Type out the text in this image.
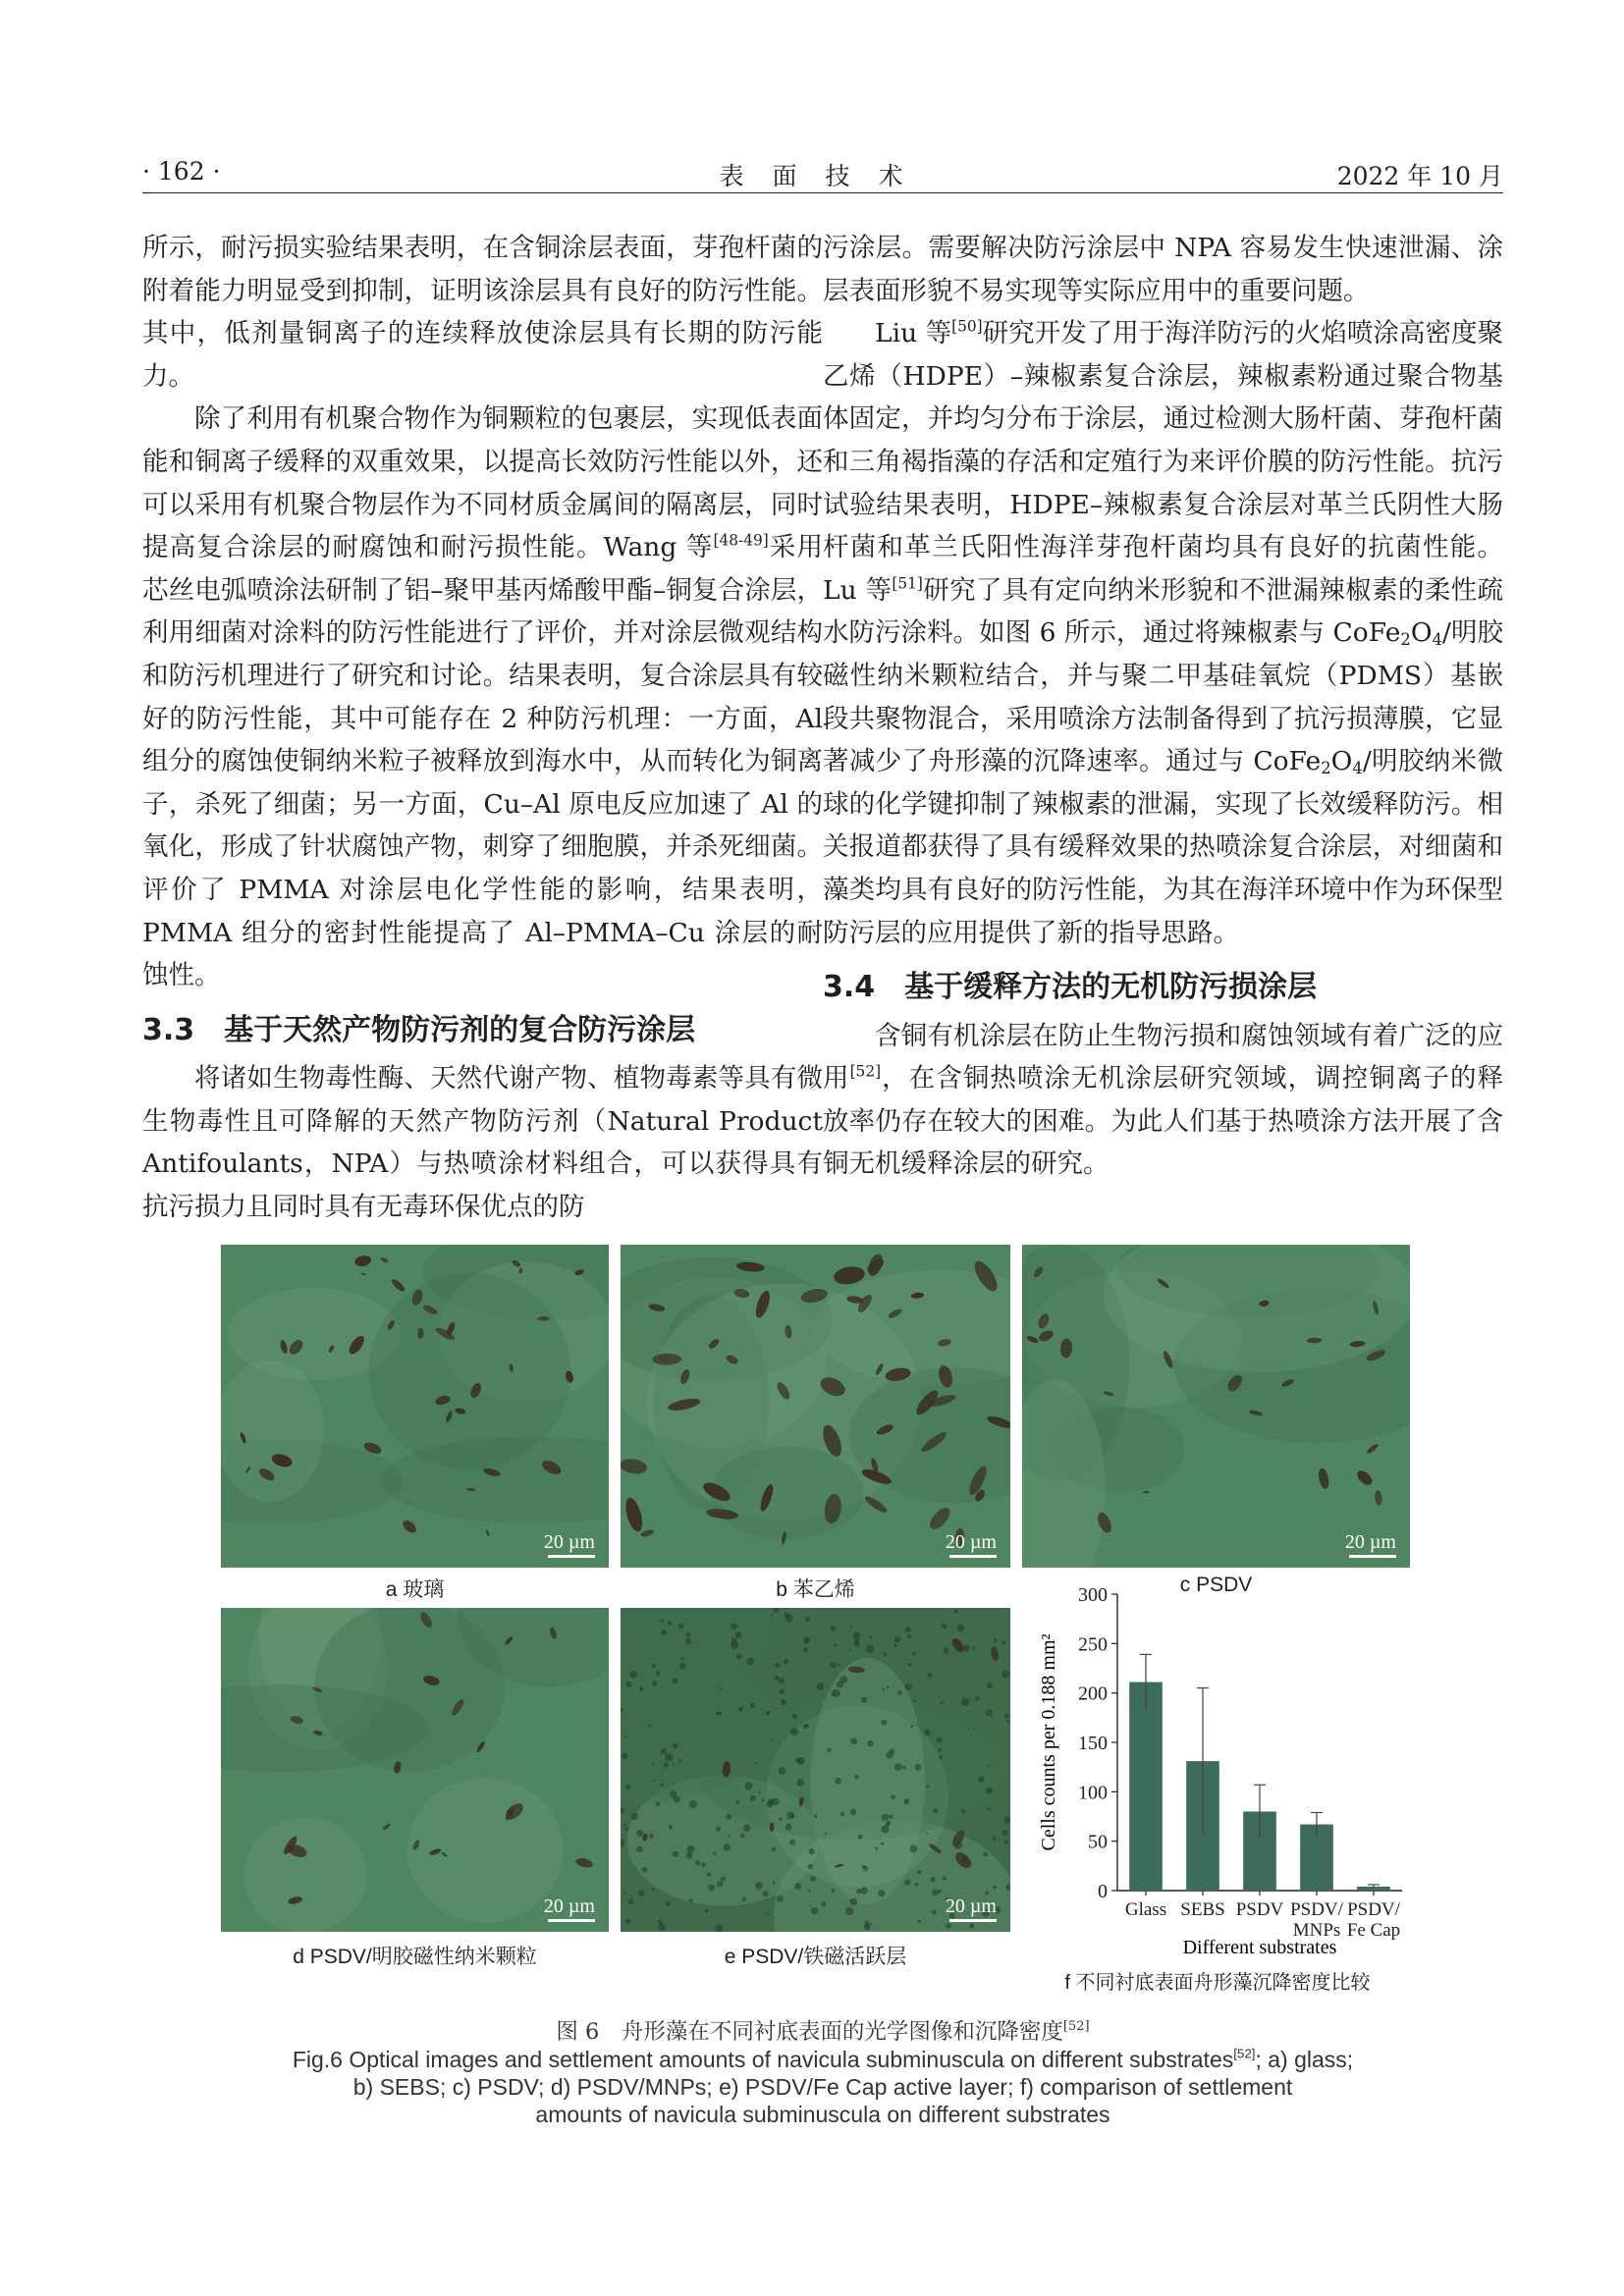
· 162 ·	表　面　技　术	2022 年 10 月

所示，耐污损实验结果表明，在含铜涂层表面，芽孢杆菌的附着能力明显受到抑制，证明该涂层具有良好的防污性能。其中，低剂量铜离子的连续释放使涂层具有长期的防污能力。

除了利用有机聚合物作为铜颗粒的包裹层，实现低表面能和铜离子缓释的双重效果，以提高长效防污性能以外，还可以采用有机聚合物层作为不同材质金属间的隔离层，同时提高复合涂层的耐腐蚀和耐污损性能。Wang 等[48-49]采用芯丝电弧喷涂法研制了铝–聚甲基丙烯酸甲酯–铜复合涂层，利用细菌对涂料的防污性能进行了评价，并对涂层微观结构和防污机理进行了研究和讨论。结果表明，复合涂层具有较好的防污性能，其中可能存在 2 种防污机理：一方面，Al 组分的腐蚀使铜纳米粒子被释放到海水中，从而转化为铜离子，杀死了细菌；另一方面，Cu–Al 原电反应加速了 Al 的氧化，形成了针状腐蚀产物，刺穿了细胞膜，并杀死细菌。评价了 PMMA 对涂层电化学性能的影响，结果表明，PMMA 组分的密封性能提高了 Al–PMMA–Cu 涂层的耐蚀性。

3.3　基于天然产物防污剂的复合防污涂层

将诸如生物毒性酶、天然代谢产物、植物毒素等具有微生物毒性且可降解的天然产物防污剂（Natural Product Antifoulants，NPA）与热喷涂材料组合，可以获得具有抗污损力且同时具有无毒环保优点的防

污涂层。需要解决防污涂层中 NPA 容易发生快速泄漏、涂层表面形貌不易实现等实际应用中的重要问题。

Liu 等[50]研究开发了用于海洋防污的火焰喷涂高密度聚乙烯（HDPE）–辣椒素复合涂层，辣椒素粉通过聚合物基体固定，并均匀分布于涂层，通过检测大肠杆菌、芽孢杆菌和三角褐指藻的存活和定殖行为来评价膜的防污性能。抗污试验结果表明，HDPE–辣椒素复合涂层对革兰氏阴性大肠杆菌和革兰氏阳性海洋芽孢杆菌均具有良好的抗菌性能。Lu 等[51]研究了具有定向纳米形貌和不泄漏辣椒素的柔性疏水防污涂料。如图 6 所示，通过将辣椒素与 $CoFe_2O_4/$明胶磁性纳米颗粒结合，并与聚二甲基硅氧烷（PDMS）基嵌段共聚物混合，采用喷涂方法制备得到了抗污损薄膜，它显著减少了舟形藻的沉降速率。通过与 $CoFe_2O_4/$明胶纳米微球的化学键抑制了辣椒素的泄漏，实现了长效缓释防污。相关报道都获得了具有缓释效果的热喷涂复合涂层，对细菌和藻类均具有良好的防污性能，为其在海洋环境中作为环保型防污层的应用提供了新的指导思路。

3.4　基于缓释方法的无机防污损涂层

含铜有机涂层在防止生物污损和腐蚀领域有着广泛的应用[52]，在含铜热喷涂无机涂层研究领域，调控铜离子的释放率仍存在较大的困难。为此人们基于热喷涂方法开展了含铜无机缓释涂层的研究。

20 µm	20 µm	20 µm
a 玻璃	b 苯乙烯	c PSDV
20 µm	20 µm
d PSDV/明胶磁性纳米颗粒	e PSDV/铁磁活跃层
0
50
100
150
200
250
300
Glass SEBS PSDV PSDV/ MNPs
PSDV/ Fe Cap
Cells counts per 0.188 mm²
Different substrates
f 不同衬底表面舟形藻沉降密度比较
图 6　舟形藻在不同衬底表面的光学图像和沉降密度[52]
Fig.6 Optical images and settlement amounts of navicula subminuscula on different substrates[52]; a) glass;
b) SEBS; c) PSDV; d) PSDV/MNPs; e) PSDV/Fe Cap active layer; f) comparison of settlement
amounts of navicula subminuscula on different substrates
